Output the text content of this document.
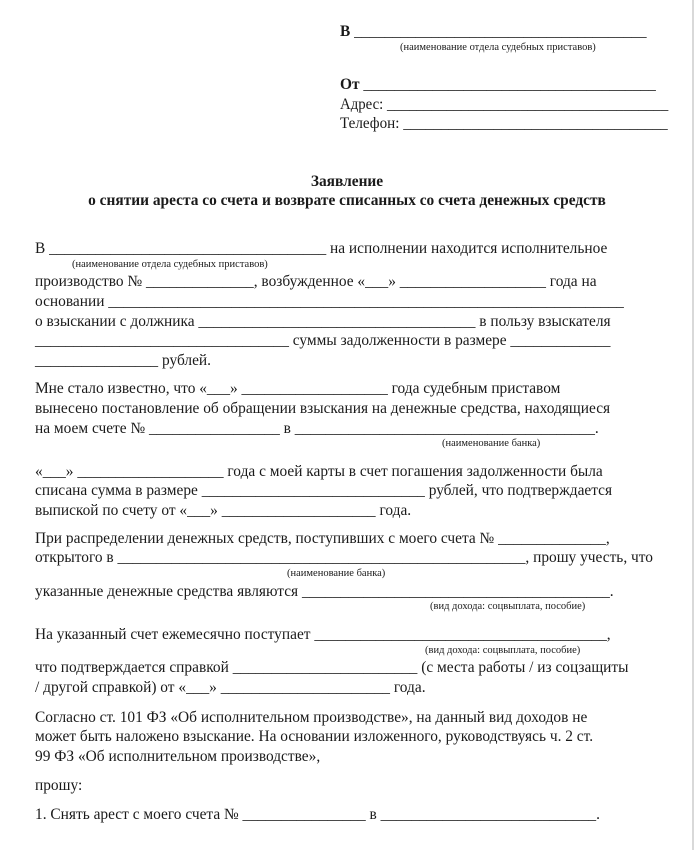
В ______________________________________
(наименование отдела судебных приставов)
От ______________________________________
Адрес: ______________________________________
Телефон: ___________________________________
Заявление
о снятии ареста со счета и возврате списанных со счета денежных средств
В ____________________________________ на исполнении находится исполнительное
(наименование отдела судебных приставов)
производство № ______________, возбужденное «___» ___________________ года на
основании ___________________________________________________________________
о взыскании с должника ____________________________________ в пользу взыскателя
_________________________________ суммы задолженности в размере _____________
________________ рублей.
Мне стало известно, что «___» ___________________ года судебным приставом
вынесено постановление об обращении взыскания на денежные средства, находящиеся
на моем счете № _________________ в _______________________________________.
(наименование банка)
«___» ___________________ года с моей карты в счет погашения задолженности была
списана сумма в размере _____________________________ рублей, что подтверждается
выпиской по счету от «___» ____________________ года.
При распределении денежных средств, поступивших с моего счета № ______________,
открытого в _____________________________________________________, прошу учесть, что
(наименование банка)
указанные денежные средства являются ________________________________________.
(вид дохода: соцвыплата, пособие)
На указанный счет ежемесячно поступает ______________________________________,
(вид дохода: соцвыплата, пособие)
что подтверждается справкой ________________________ (с места работы / из соцзащиты
/ другой справкой) от «___» ______________________ года.
Согласно ст. 101 ФЗ «Об исполнительном производстве», на данный вид доходов не
может быть наложено взыскание. На основании изложенного, руководствуясь ч. 2 ст.
99 ФЗ «Об исполнительном производстве»,
прошу:
1. Снять арест с моего счета № ________________ в ____________________________.
